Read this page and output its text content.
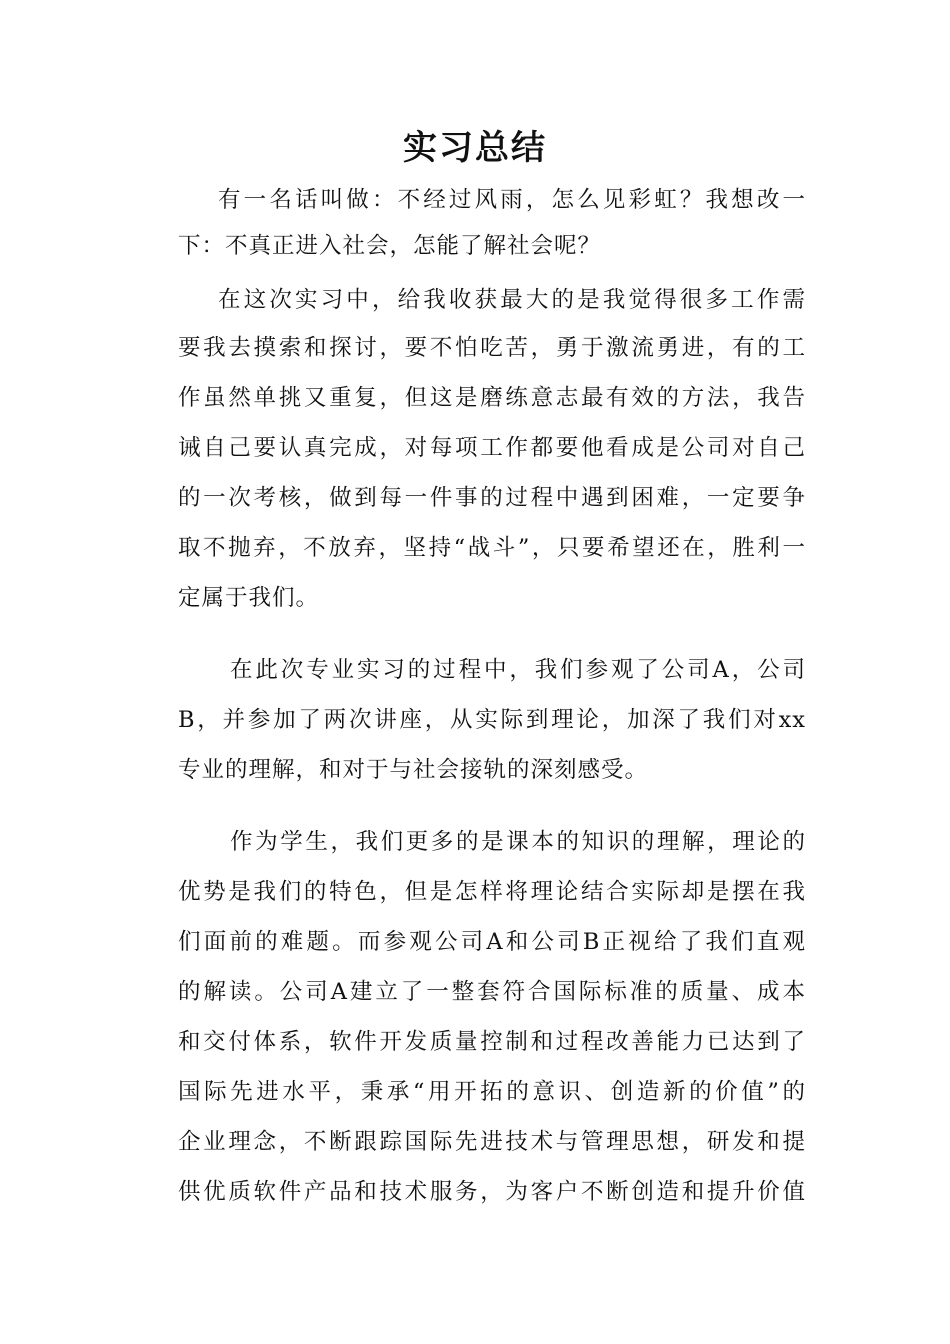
实习总结
有一名话叫做：不经过风雨，怎么见彩虹？我想改一
下：不真正进入社会，怎能了解社会呢？
在这次实习中，给我收获最大的是我觉得很多工作需
要我去摸索和探讨，要不怕吃苦，勇于激流勇进，有的工
作虽然单挑又重复，但这是磨练意志最有效的方法，我告
诫自己要认真完成，对每项工作都要他看成是公司对自己
的一次考核，做到每一件事的过程中遇到困难，一定要争
取不抛弃，不放弃，坚持“战斗”，只要希望还在，胜利一
定属于我们。
在此次专业实习的过程中，我们参观了公司A，公司
B，并参加了两次讲座，从实际到理论，加深了我们对xx
专业的理解，和对于与社会接轨的深刻感受。
作为学生，我们更多的是课本的知识的理解，理论的
优势是我们的特色，但是怎样将理论结合实际却是摆在我
们面前的难题。而参观公司A和公司B正视给了我们直观
的解读。公司A建立了一整套符合国际标准的质量、成本
和交付体系，软件开发质量控制和过程改善能力已达到了
国际先进水平，秉承“用开拓的意识、创造新的价值”的
企业理念，不断跟踪国际先进技术与管理思想，研发和提
供优质软件产品和技术服务，为客户不断创造和提升价值
